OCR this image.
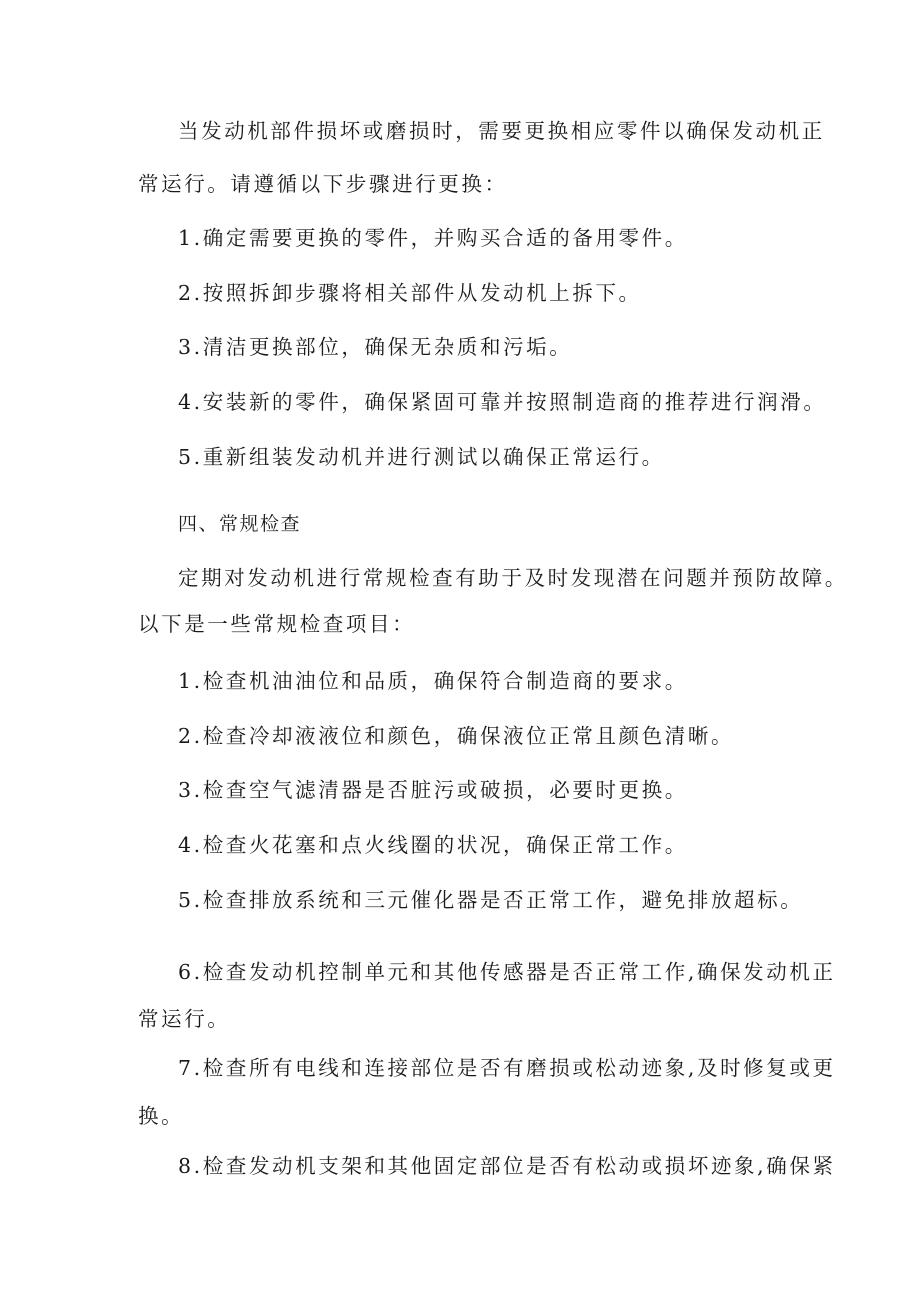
当发动机部件损坏或磨损时，需要更换相应零件以确保发动机正
常运行。请遵循以下步骤进行更换：
1.确定需要更换的零件，并购买合适的备用零件。
2.按照拆卸步骤将相关部件从发动机上拆下。
3.清洁更换部位，确保无杂质和污垢。
4.安装新的零件，确保紧固可靠并按照制造商的推荐进行润滑。
5.重新组装发动机并进行测试以确保正常运行。
四、常规检查
定期对发动机进行常规检查有助于及时发现潜在问题并预防故障。
以下是一些常规检查项目：
1.检查机油油位和品质，确保符合制造商的要求。
2.检查冷却液液位和颜色，确保液位正常且颜色清晰。
3.检查空气滤清器是否脏污或破损，必要时更换。
4.检查火花塞和点火线圈的状况，确保正常工作。
5.检查排放系统和三元催化器是否正常工作，避免排放超标。
6.检查发动机控制单元和其他传感器是否正常工作,确保发动机正
常运行。
7.检查所有电线和连接部位是否有磨损或松动迹象,及时修复或更
换。
8.检查发动机支架和其他固定部位是否有松动或损坏迹象,确保紧
